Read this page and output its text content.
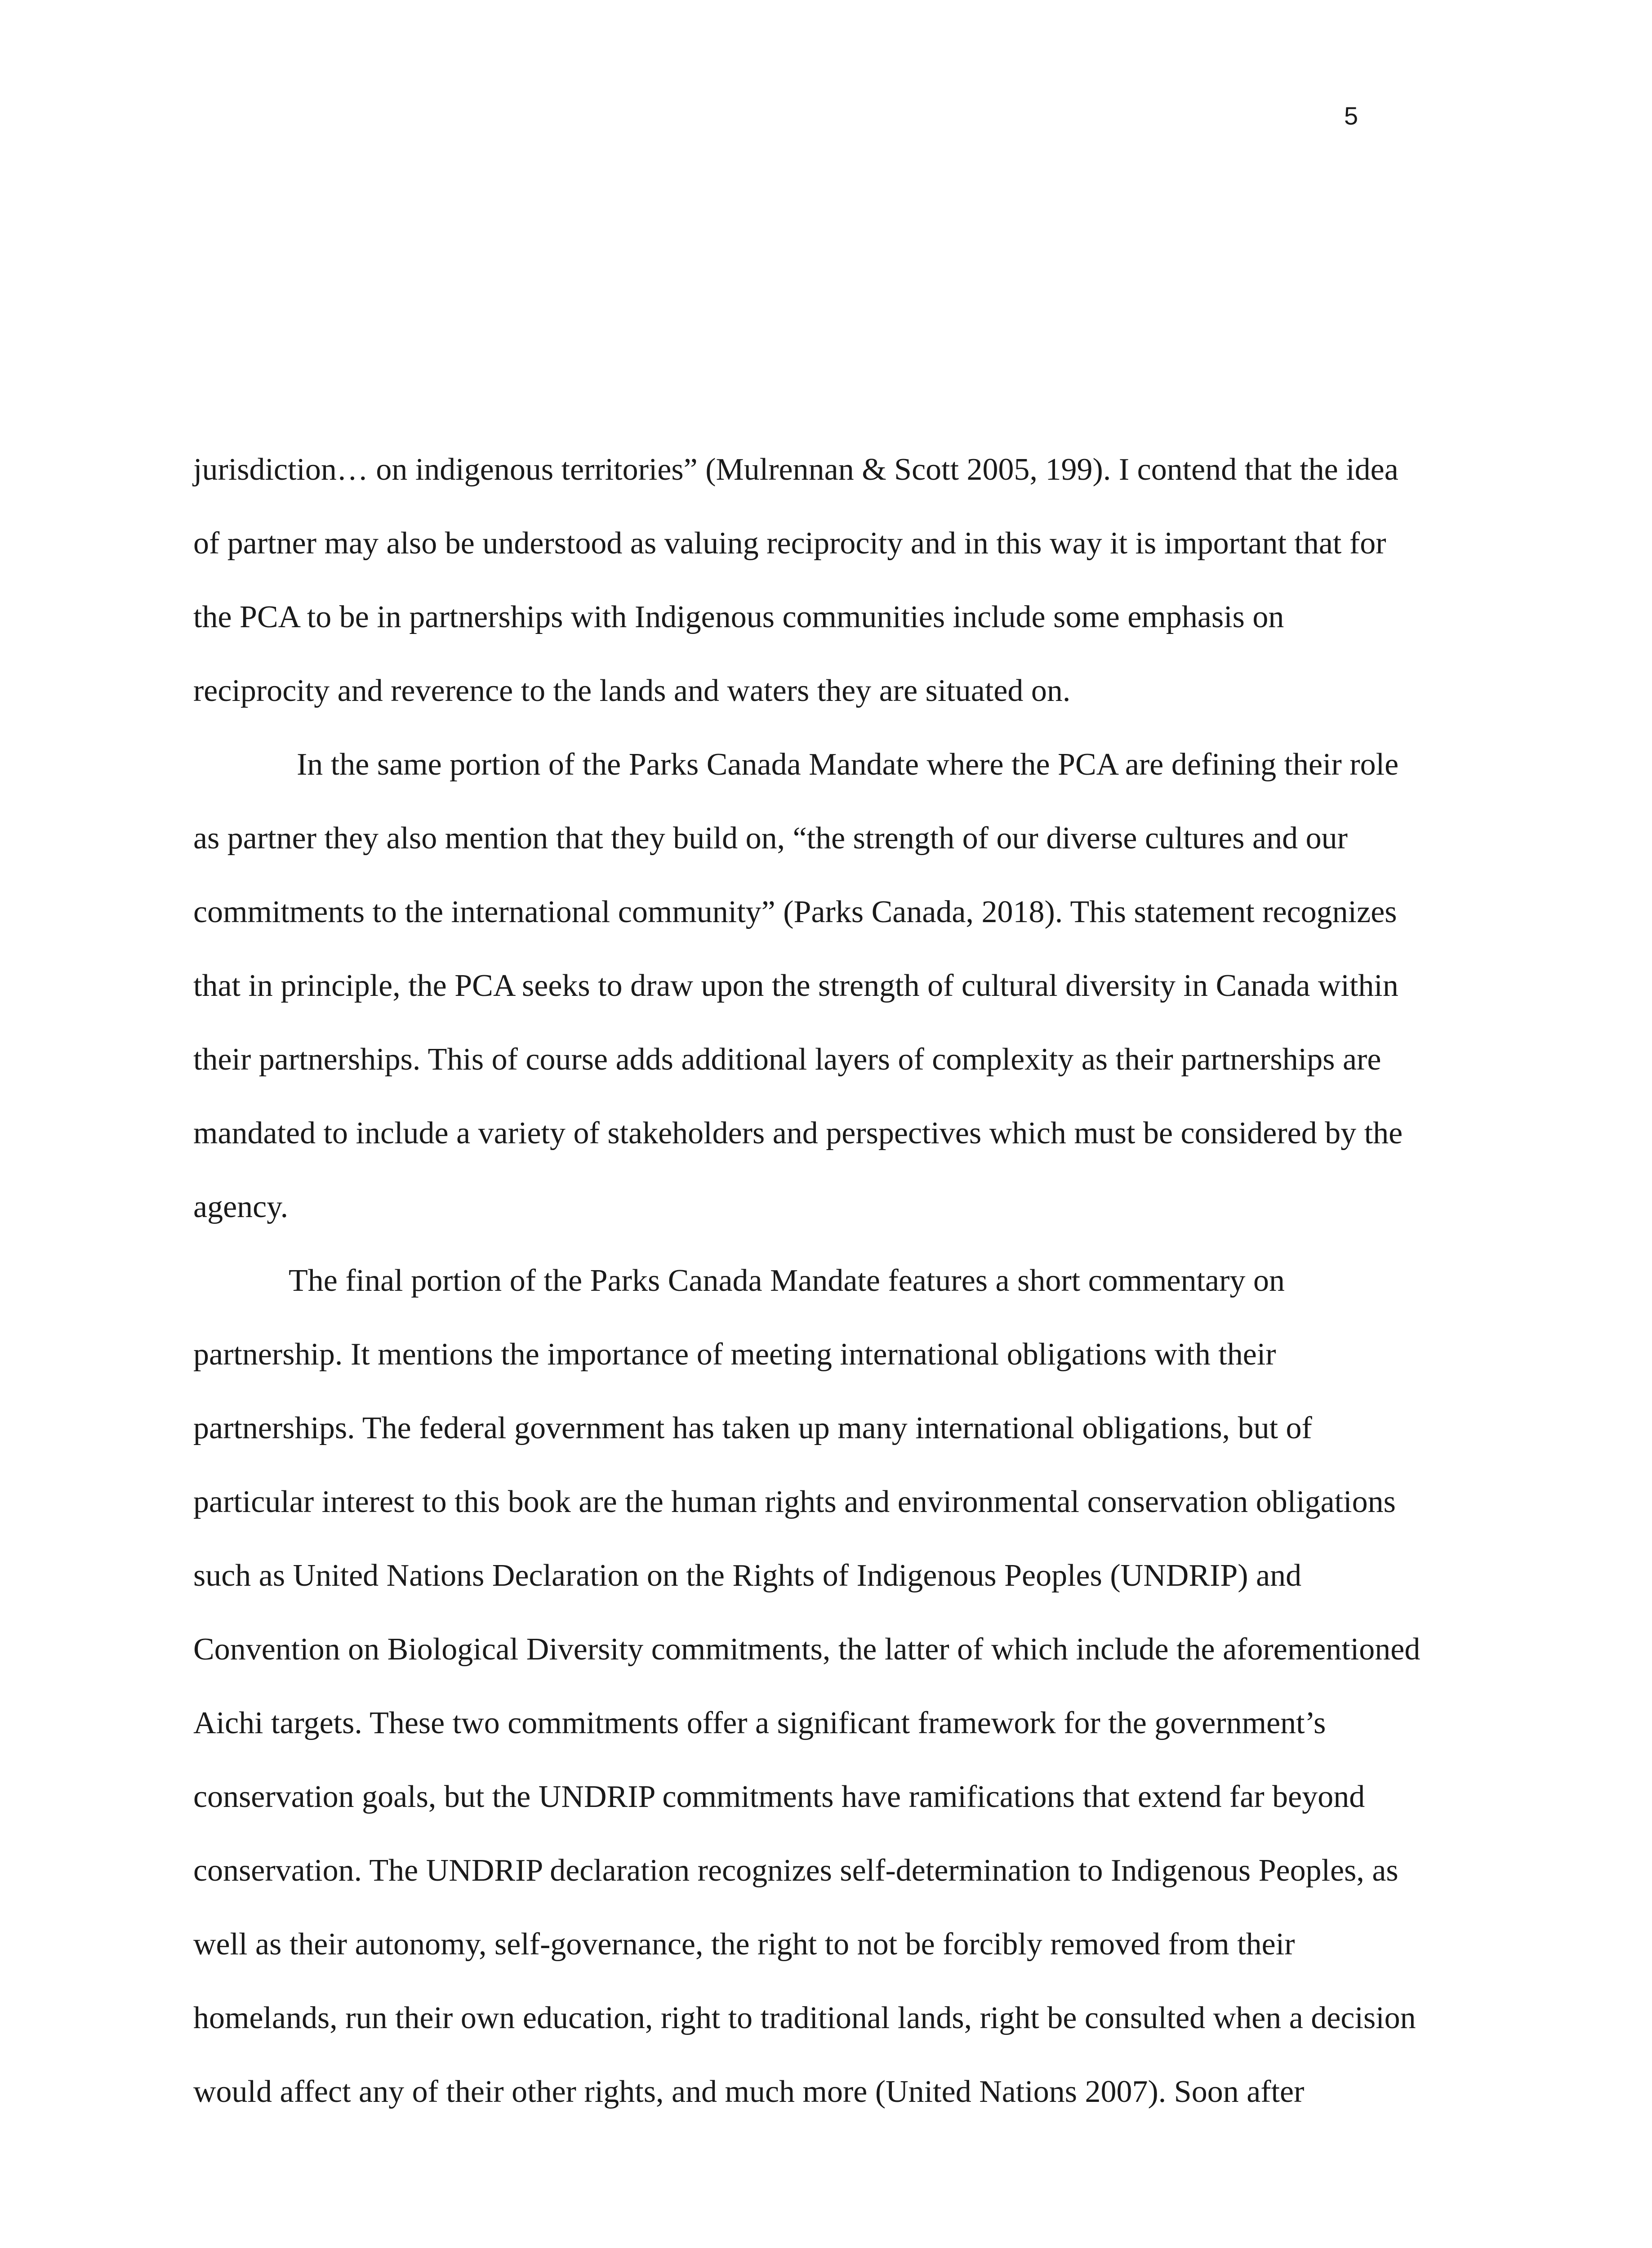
5
jurisdiction… on indigenous territories” (Mulrennan & Scott 2005, 199). I contend that the idea
of partner may also be understood as valuing reciprocity and in this way it is important that for
the PCA to be in partnerships with Indigenous communities include some emphasis on
reciprocity and reverence to the lands and waters they are situated on.
In the same portion of the Parks Canada Mandate where the PCA are defining their role
as partner they also mention that they build on, “the strength of our diverse cultures and our
commitments to the international community” (Parks Canada, 2018). This statement recognizes
that in principle, the PCA seeks to draw upon the strength of cultural diversity in Canada within
their partnerships. This of course adds additional layers of complexity as their partnerships are
mandated to include a variety of stakeholders and perspectives which must be considered by the
agency.
The final portion of the Parks Canada Mandate features a short commentary on
partnership. It mentions the importance of meeting international obligations with their
partnerships. The federal government has taken up many international obligations, but of
particular interest to this book are the human rights and environmental conservation obligations
such as United Nations Declaration on the Rights of Indigenous Peoples (UNDRIP) and
Convention on Biological Diversity commitments, the latter of which include the aforementioned
Aichi targets. These two commitments offer a significant framework for the government’s
conservation goals, but the UNDRIP commitments have ramifications that extend far beyond
conservation. The UNDRIP declaration recognizes self-determination to Indigenous Peoples, as
well as their autonomy, self-governance, the right to not be forcibly removed from their
homelands, run their own education, right to traditional lands, right be consulted when a decision
would affect any of their other rights, and much more (United Nations 2007). Soon after
